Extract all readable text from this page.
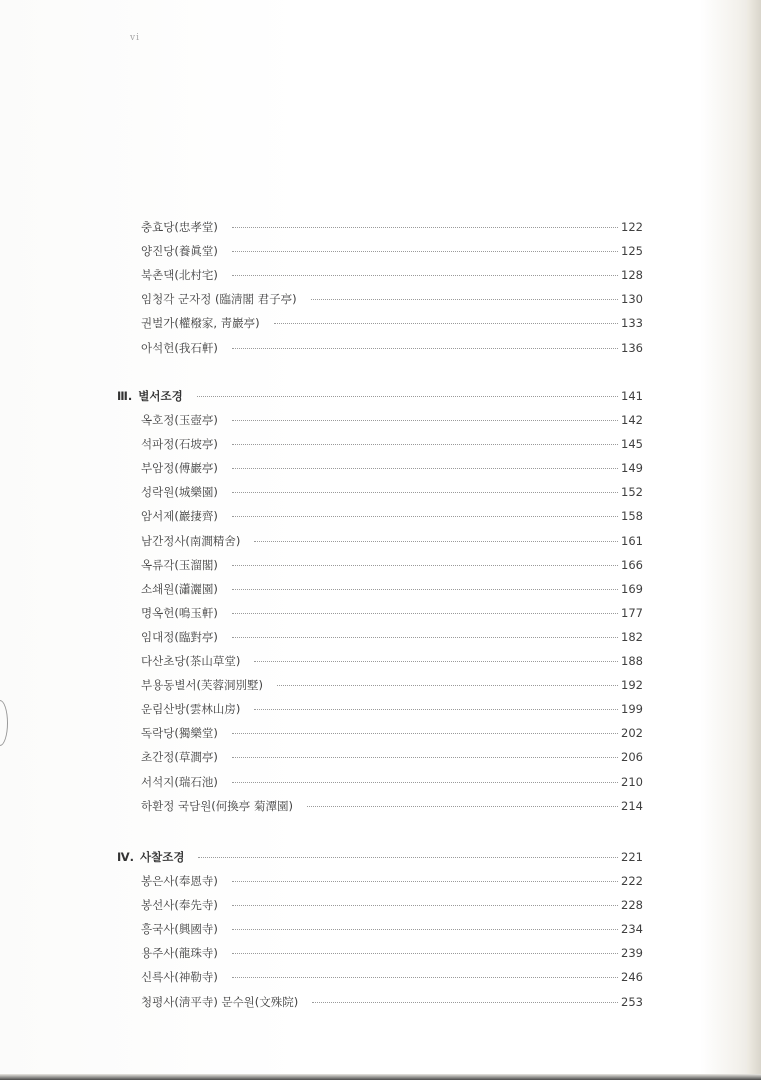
vi
충효당(忠孝堂)	122
양진당(養眞堂)	125
북촌댁(北村宅)	128
임청각 군자정 (臨淸閣 君子亭)	130
권벌가(權橃家, 靑巖亭)	133
아석헌(我石軒)	136
Ⅲ. 별서조경	141
옥호정(玉壺亭)	142
석파정(石坡亭)	145
부암정(傅巖亭)	149
성락원(城樂園)	152
암서제(巖捿齊)	158
남간정사(南澗精舍)	161
옥류각(玉溜閣)	166
소쇄원(瀟灑園)	169
명옥헌(鳴玉軒)	177
임대정(臨對亭)	182
다산초당(茶山草堂)	188
부용동별서(芙蓉洞別墅)	192
운림산방(雲林山房)	199
독락당(獨樂堂)	202
초간정(草澗亭)	206
서석지(瑞石池)	210
하환정 국담원(何換亭 菊潭園)	214
Ⅳ. 사찰조경	221
봉은사(奉恩寺)	222
봉선사(奉先寺)	228
흥국사(興國寺)	234
용주사(龍珠寺)	239
신륵사(神勒寺)	246
청평사(淸平寺) 문수원(文殊院)	253
